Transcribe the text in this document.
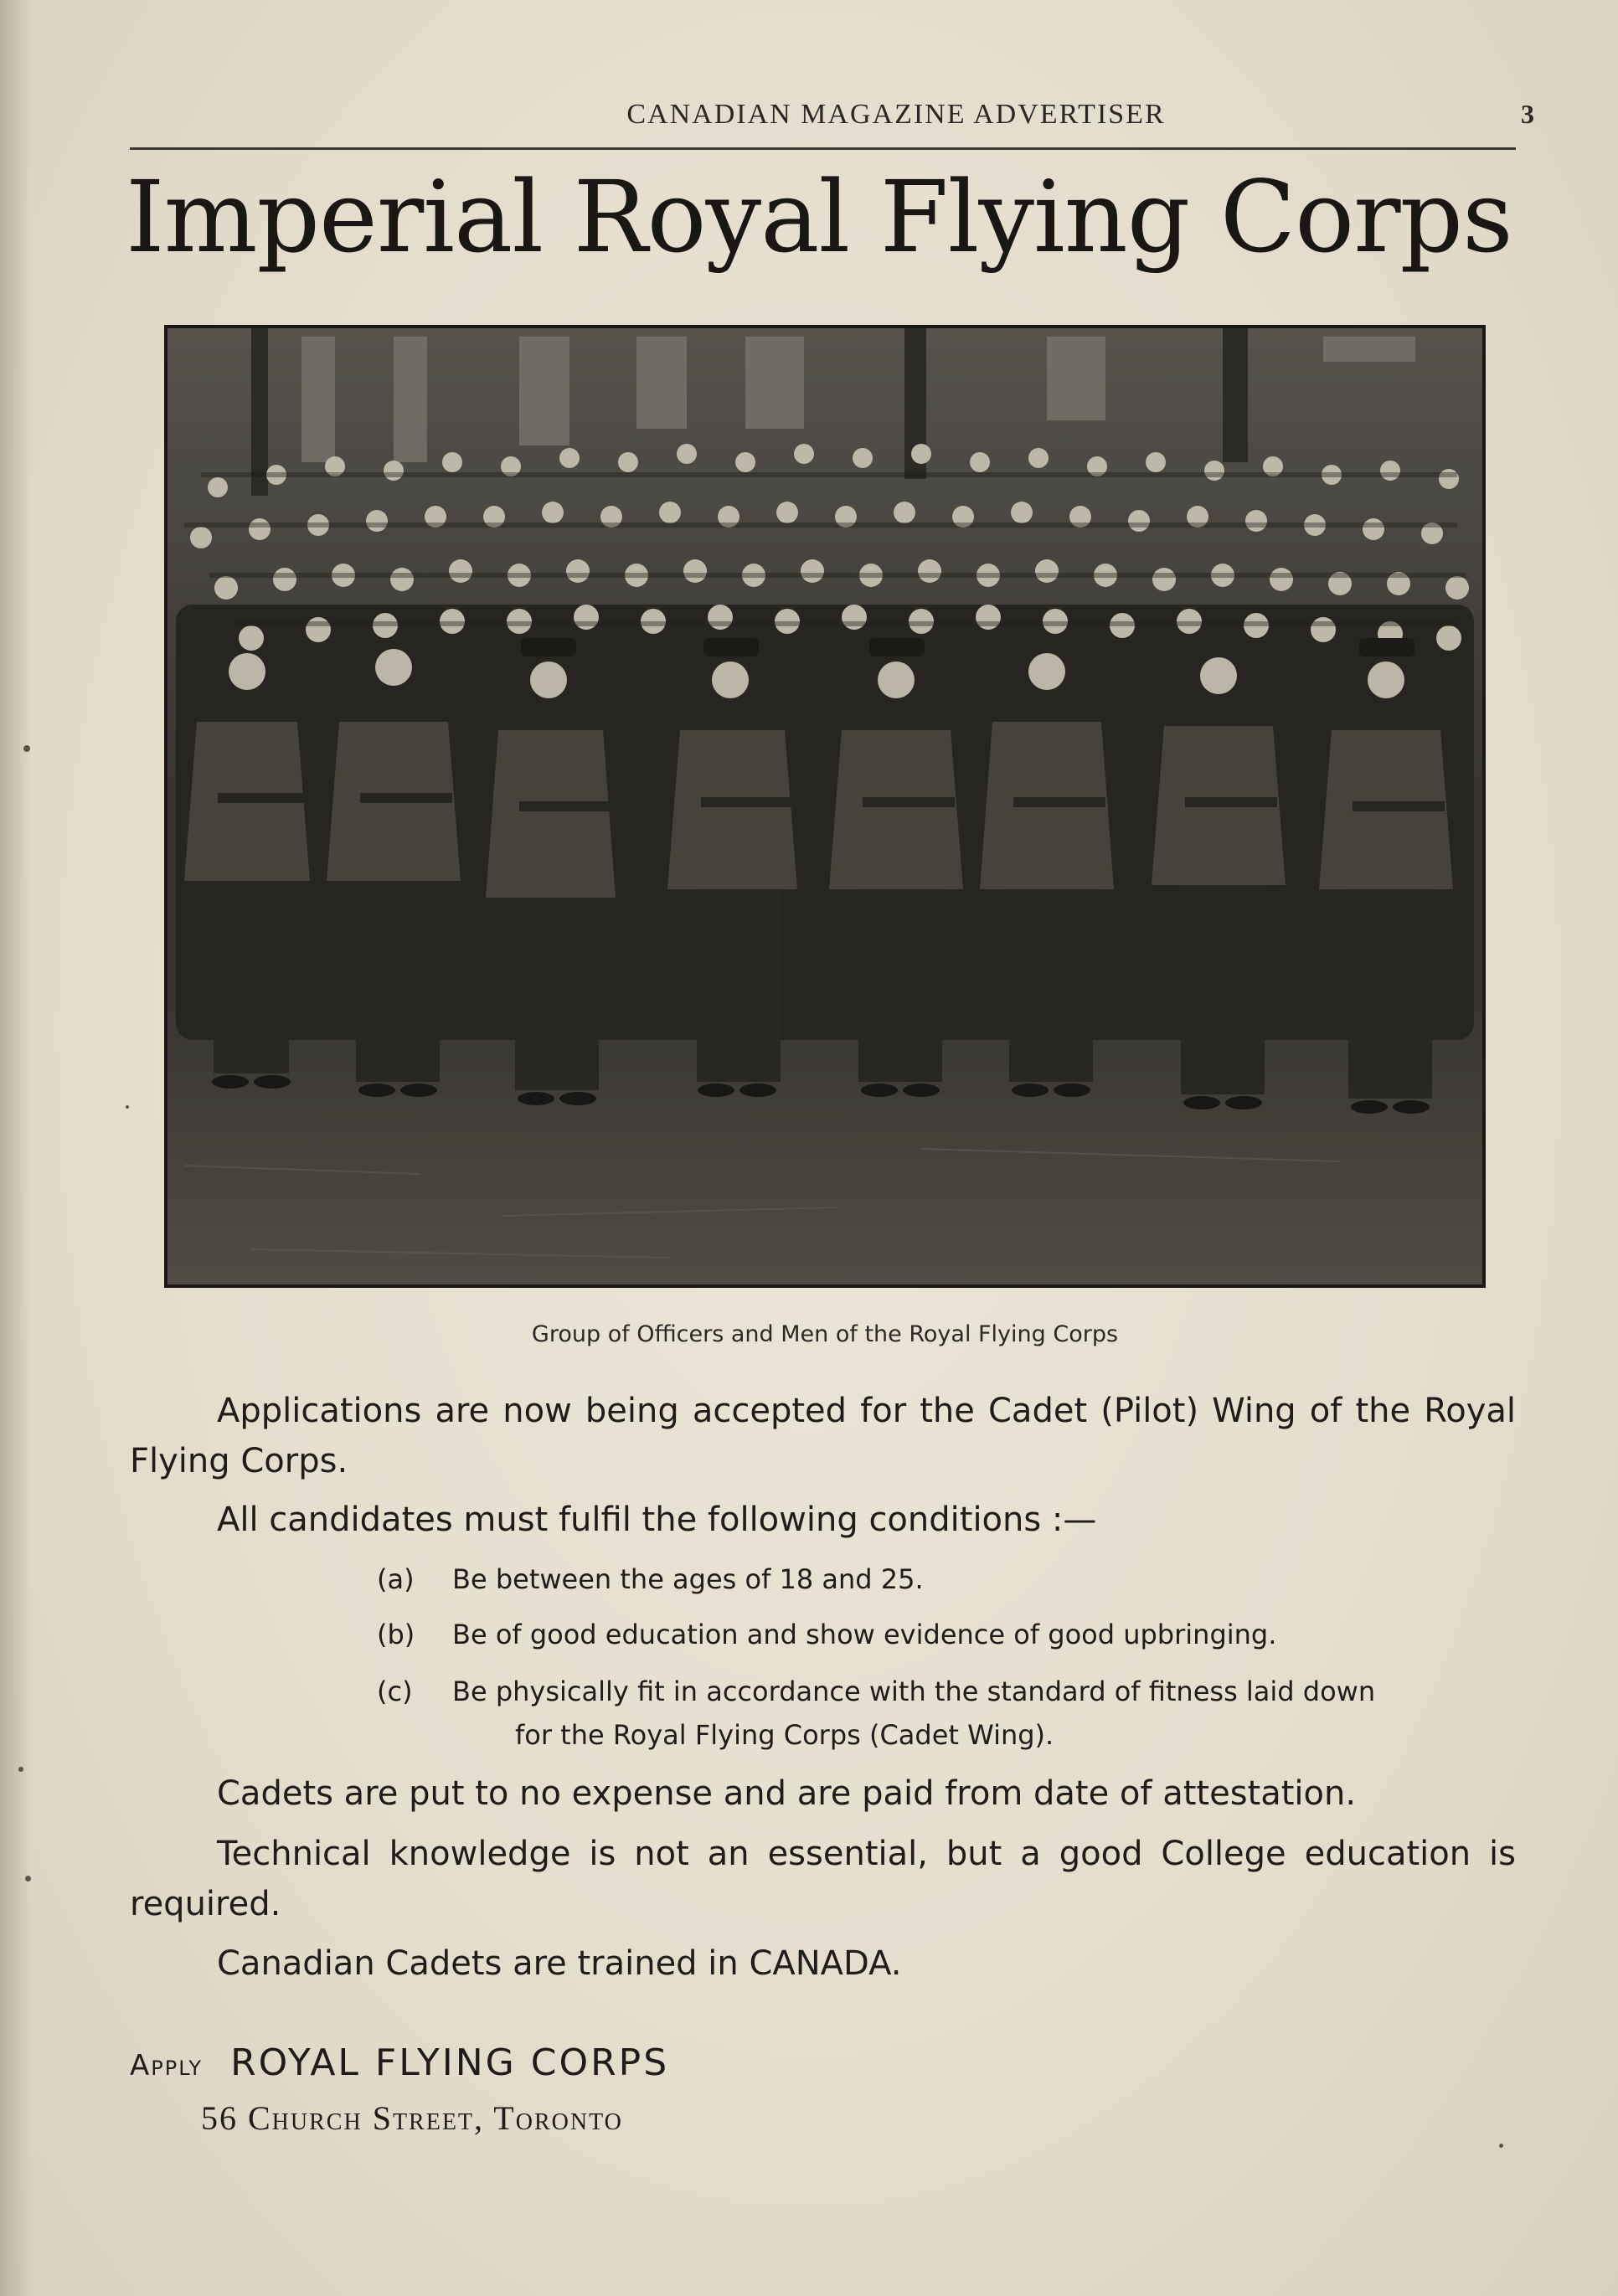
CANADIAN MAGAZINE ADVERTISER	3
Imperial Royal Flying Corps
Group of Officers and Men of the Royal Flying Corps
Applications are now being accepted for the Cadet (Pilot) Wing of the Royal Flying Corps.
All candidates must fulfil the following conditions :—
(a)	Be between the ages of 18 and 25.
(b)	Be of good education and show evidence of good upbringing.
(c)	Be physically fit in accordance with the standard of fitness laid down
for the Royal Flying Corps (Cadet Wing).
Cadets are put to no expense and are paid from date of attestation.
Technical knowledge is not an essential, but a good College education is required.
Canadian Cadets are trained in CANADA.
Apply ROYAL FLYING CORPS
56 Church Street, Toronto
